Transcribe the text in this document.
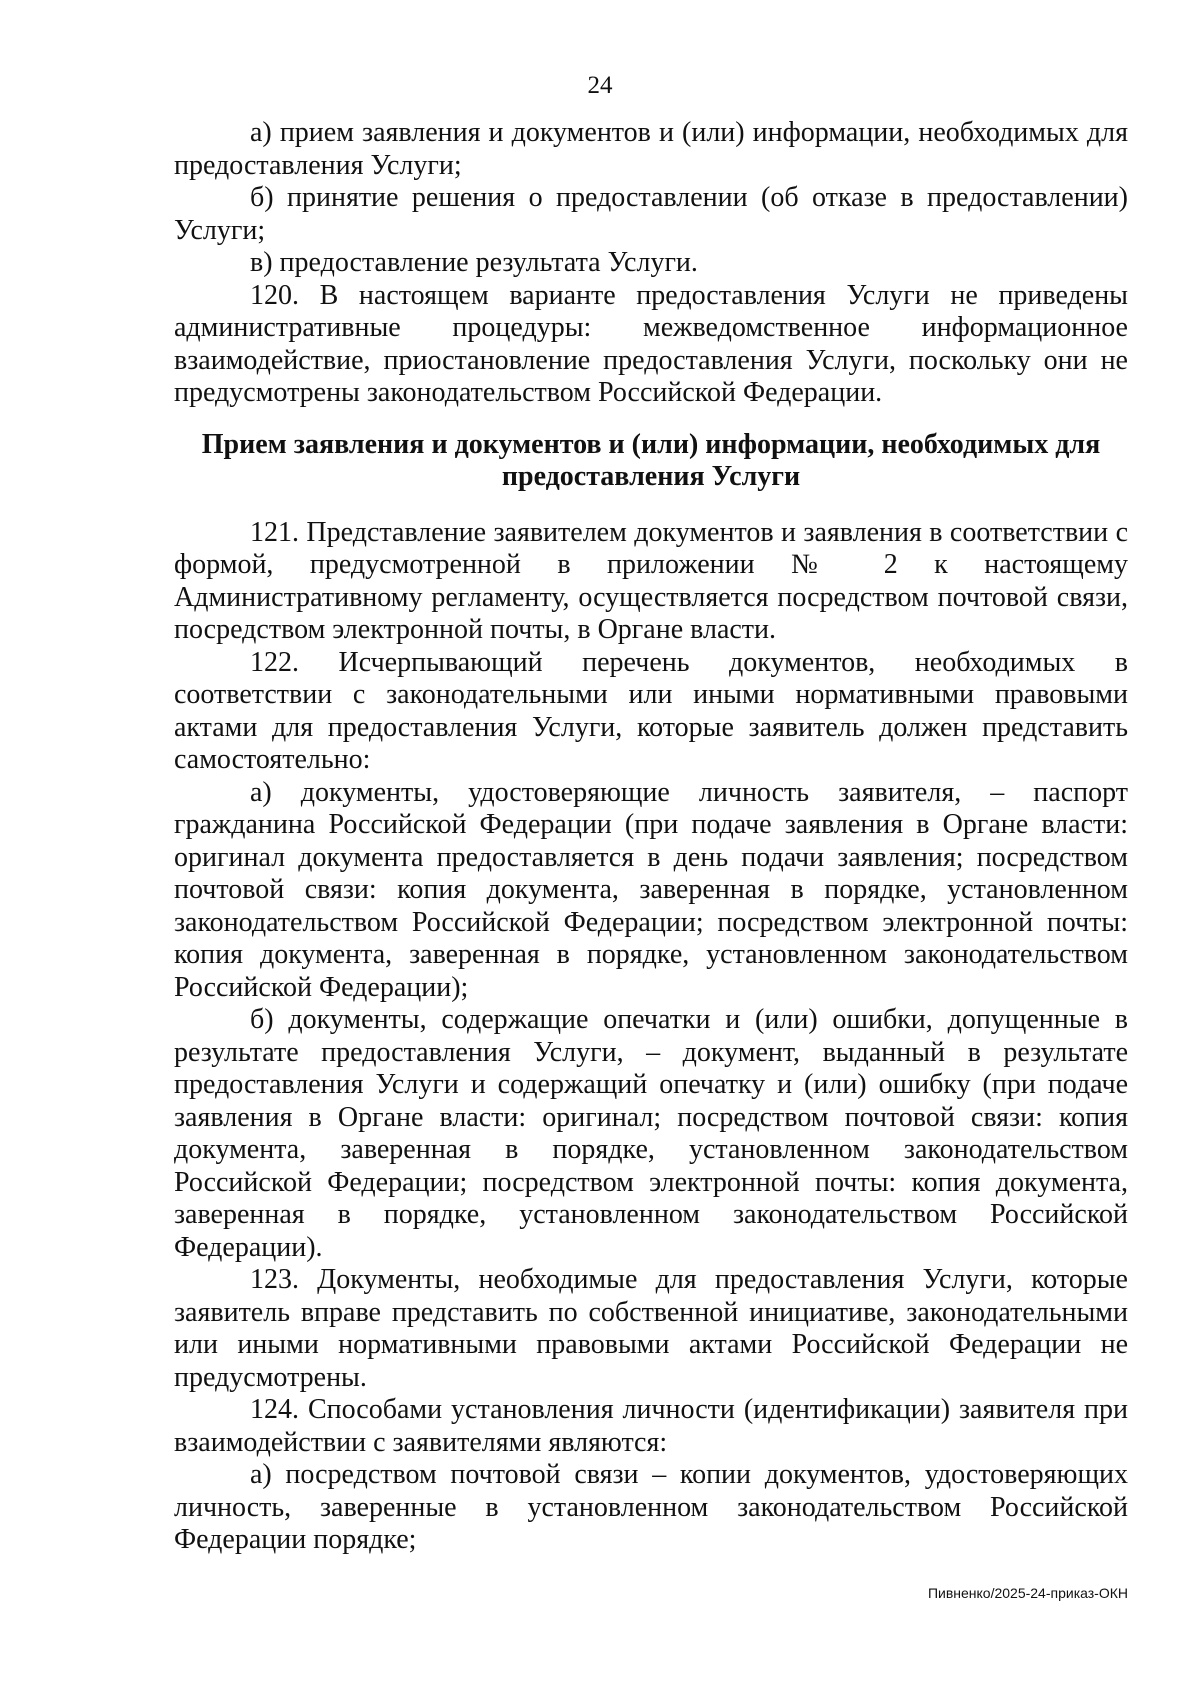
24

а) прием заявления и документов и (или) информации, необходимых для предоставления Услуги;

б) принятие решения о предоставлении (об отказе в предоставлении) Услуги;

в) предоставление результата Услуги.

120. В настоящем варианте предоставления Услуги не приведены административные процедуры: межведомственное информационное взаимодействие, приостановление предоставления Услуги, поскольку они не предусмотрены законодательством Российской Федерации.

Прием заявления и документов и (или) информации, необходимых для предоставления Услуги

121. Представление заявителем документов и заявления в соответствии с формой, предусмотренной в приложении № 2 к настоящему Административному регламенту, осуществляется посредством почтовой связи, посредством электронной почты, в Органе власти.

122. Исчерпывающий перечень документов, необходимых в соответствии с законодательными или иными нормативными правовыми актами для предоставления Услуги, которые заявитель должен представить самостоятельно:

а) документы, удостоверяющие личность заявителя, – паспорт гражданина Российской Федерации (при подаче заявления в Органе власти: оригинал документа предоставляется в день подачи заявления; посредством почтовой связи: копия документа, заверенная в порядке, установленном законодательством Российской Федерации; посредством электронной почты: копия документа, заверенная в порядке, установленном законодательством Российской Федерации);

б) документы, содержащие опечатки и (или) ошибки, допущенные в результате предоставления Услуги, – документ, выданный в результате предоставления Услуги и содержащий опечатку и (или) ошибку (при подаче заявления в Органе власти: оригинал; посредством почтовой связи: копия документа, заверенная в порядке, установленном законодательством Российской Федерации; посредством электронной почты: копия документа, заверенная в порядке, установленном законодательством Российской Федерации).

123. Документы, необходимые для предоставления Услуги, которые заявитель вправе представить по собственной инициативе, законодательными или иными нормативными правовыми актами Российской Федерации не предусмотрены.

124. Способами установления личности (идентификации) заявителя при взаимодействии с заявителями являются:

а) посредством почтовой связи – копии документов, удостоверяющих личность, заверенные в установленном законодательством Российской Федерации порядке;

Пивненко/2025-24-приказ-ОКН
